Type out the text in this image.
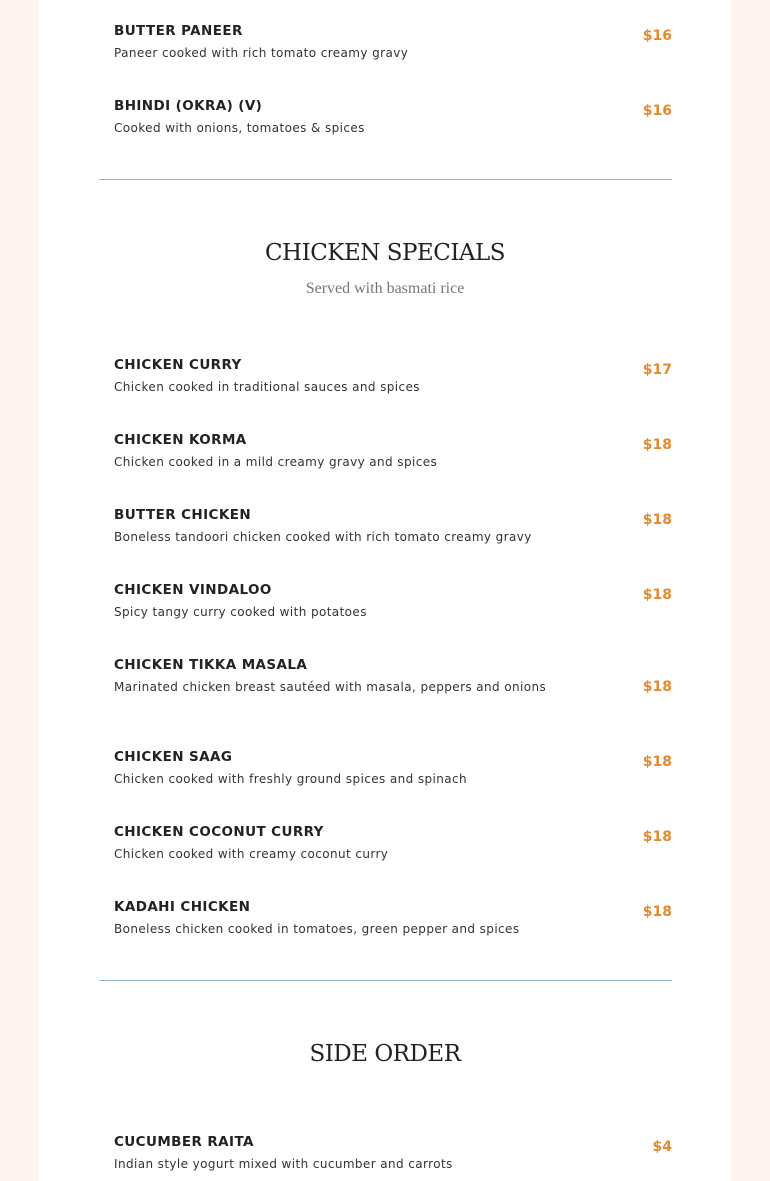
BUTTER PANEER
Paneer cooked with rich tomato creamy gravy
$16
BHINDI (OKRA) (V)
Cooked with onions, tomatoes & spices
$16
CHICKEN SPECIALS
Served with basmati rice
CHICKEN CURRY
Chicken cooked in traditional sauces and spices
$17
CHICKEN KORMA
Chicken cooked in a mild creamy gravy and spices
$18
BUTTER CHICKEN
Boneless tandoori chicken cooked with rich tomato creamy gravy
$18
CHICKEN VINDALOO
Spicy tangy curry cooked with potatoes
$18
CHICKEN TIKKA MASALA
Marinated chicken breast sautéed with masala, peppers and onions	$18
CHICKEN SAAG
Chicken cooked with freshly ground spices and spinach
$18
CHICKEN COCONUT CURRY
Chicken cooked with creamy coconut curry
$18
KADAHI CHICKEN
Boneless chicken cooked in tomatoes, green pepper and spices
$18
SIDE ORDER
CUCUMBER RAITA
Indian style yogurt mixed with cucumber and carrots
$4
